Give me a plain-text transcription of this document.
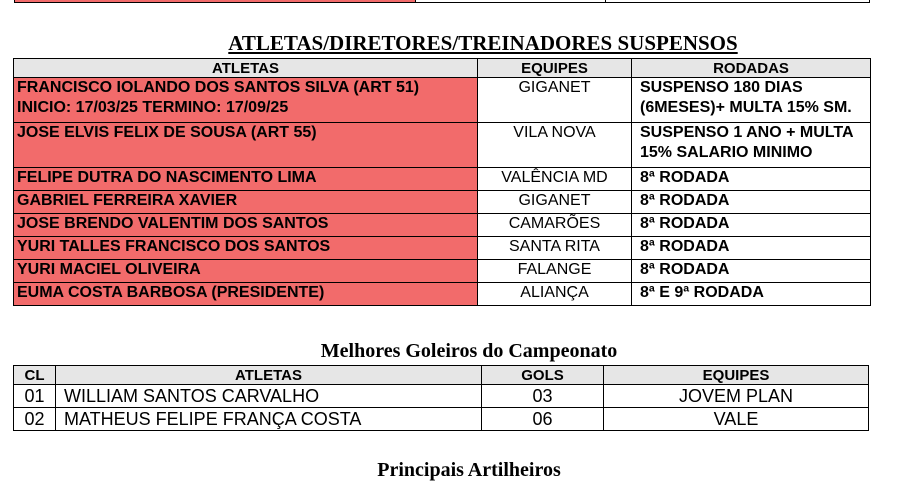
ATLETAS/DIRETORES/TREINADORES SUSPENSOS
ATLETAS	EQUIPES	RODADAS
FRANCISCO IOLANDO DOS SANTOS SILVA (ART 51) INICIO: 17/03/25 TERMINO: 17/09/25	GIGANET	SUSPENSO 180 DIAS (6MESES)+ MULTA 15% SM.
JOSE ELVIS FELIX DE SOUSA (ART 55)	VILA NOVA	SUSPENSO 1 ANO + MULTA 15% SALARIO MINIMO
FELIPE DUTRA DO NASCIMENTO LIMA	VALÊNCIA MD	8ª RODADA
GABRIEL FERREIRA XAVIER	GIGANET	8ª RODADA
JOSE BRENDO VALENTIM DOS SANTOS	CAMARÕES	8ª RODADA
YURI TALLES FRANCISCO DOS SANTOS	SANTA RITA	8ª RODADA
YURI MACIEL OLIVEIRA	FALANGE	8ª RODADA
EUMA COSTA BARBOSA (PRESIDENTE)	ALIANÇA	8ª E 9ª RODADA
Melhores Goleiros do Campeonato
CL	ATLETAS	GOLS	EQUIPES
01	WILLIAM SANTOS CARVALHO	03	JOVEM PLAN
02	MATHEUS FELIPE FRANÇA COSTA	06	VALE
Principais Artilheiros
